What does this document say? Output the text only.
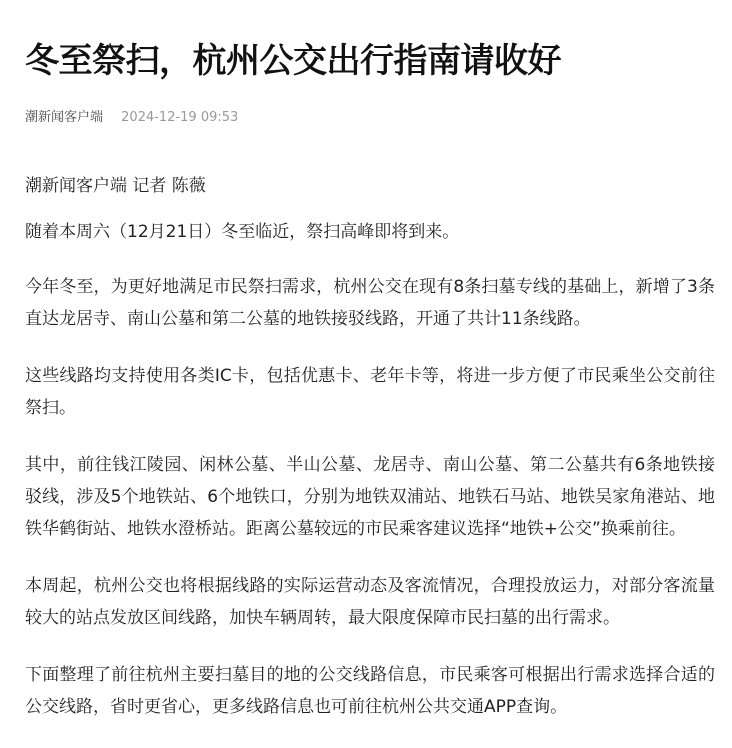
冬至祭扫，杭州公交出行指南请收好
潮新闻客户端 2024-12-19 09:53

潮新闻客户端 记者 陈薇

随着本周六（12月21日）冬至临近，祭扫高峰即将到来。

今年冬至，为更好地满足市民祭扫需求，杭州公交在现有8条扫墓专线的基础上，新增了3条直达龙居寺、南山公墓和第二公墓的地铁接驳线路，开通了共计11条线路。

这些线路均支持使用各类IC卡，包括优惠卡、老年卡等，将进一步方便了市民乘坐公交前往祭扫。

其中，前往钱江陵园、闲林公墓、半山公墓、龙居寺、南山公墓、第二公墓共有6条地铁接驳线，涉及5个地铁站、6个地铁口，分别为地铁双浦站、地铁石马站、地铁吴家角港站、地铁华鹤街站、地铁水澄桥站。距离公墓较远的市民乘客建议选择“地铁+公交”换乘前往。

本周起，杭州公交也将根据线路的实际运营动态及客流情况，合理投放运力，对部分客流量较大的站点发放区间线路，加快车辆周转，最大限度保障市民扫墓的出行需求。

下面整理了前往杭州主要扫墓目的地的公交线路信息，市民乘客可根据出行需求选择合适的公交线路，省时更省心，更多线路信息也可前往杭州公共交通APP查询。
